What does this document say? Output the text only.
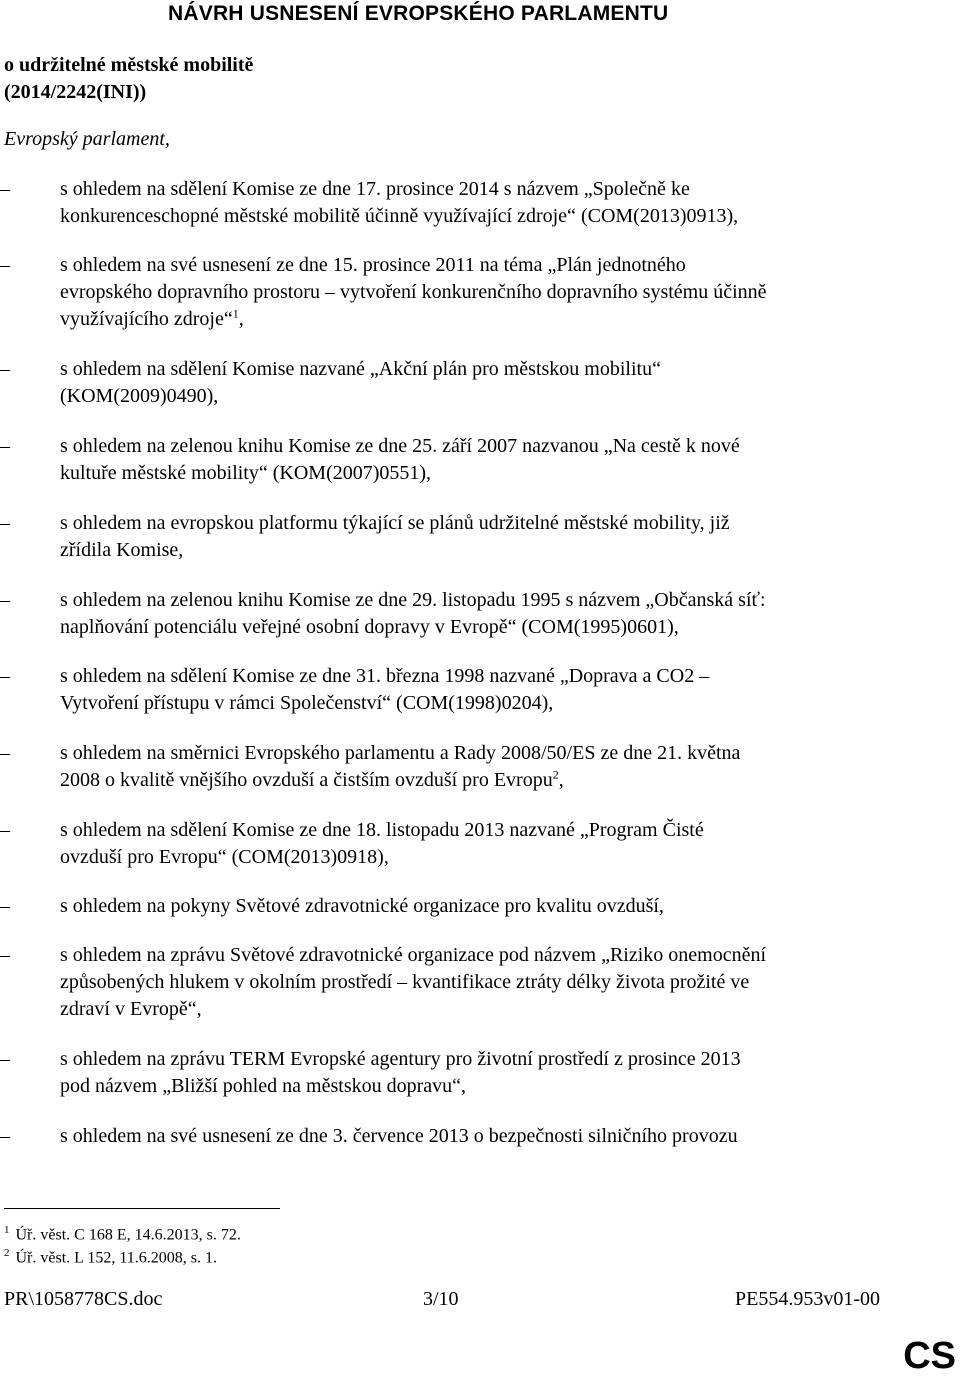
NÁVRH USNESENÍ EVROPSKÉHO PARLAMENTU
o udržitelné městské mobilitě
(2014/2242(INI))
Evropský parlament,
–	s ohledem na sdělení Komise ze dne 17. prosince 2014 s názvem „Společně ke
konkurenceschopné městské mobilitě účinně využívající zdroje“ (COM(2013)0913),
–	s ohledem na své usnesení ze dne 15. prosince 2011 na téma „Plán jednotného
evropského dopravního prostoru – vytvoření konkurenčního dopravního systému účinně
využívajícího zdroje“$^1$,
–	s ohledem na sdělení Komise nazvané „Akční plán pro městskou mobilitu“
(KOM(2009)0490),
–	s ohledem na zelenou knihu Komise ze dne 25. září 2007 nazvanou „Na cestě k nové
kultuře městské mobility“ (KOM(2007)0551),
–	s ohledem na evropskou platformu týkající se plánů udržitelné městské mobility, již
zřídila Komise,
–	s ohledem na zelenou knihu Komise ze dne 29. listopadu 1995 s názvem „Občanská síť:
naplňování potenciálu veřejné osobní dopravy v Evropě“ (COM(1995)0601),
–	s ohledem na sdělení Komise ze dne 31. března 1998 nazvané „Doprava a CO2 –
Vytvoření přístupu v rámci Společenství“ (COM(1998)0204),
–	s ohledem na směrnici Evropského parlamentu a Rady 2008/50/ES ze dne 21. května
2008 o kvalitě vnějšího ovzduší a čistším ovzduší pro Evropu$^2$,
–	s ohledem na sdělení Komise ze dne 18. listopadu 2013 nazvané „Program Čisté
ovzduší pro Evropu“ (COM(2013)0918),
–	s ohledem na pokyny Světové zdravotnické organizace pro kvalitu ovzduší,
–	s ohledem na zprávu Světové zdravotnické organizace pod názvem „Riziko onemocnění
způsobených hlukem v okolním prostředí – kvantifikace ztráty délky života prožité ve
zdraví v Evropě“,
–	s ohledem na zprávu TERM Evropské agentury pro životní prostředí z prosince 2013
pod názvem „Bližší pohled na městskou dopravu“,
–	s ohledem na své usnesení ze dne 3. července 2013 o bezpečnosti silničního provozu
$^1$ Úř. věst. C 168 E, 14.6.2013, s. 72.
$^2$ Úř. věst. L 152, 11.6.2008, s. 1.
PR\1058778CS.doc	3/10	PE554.953v01-00
CS
